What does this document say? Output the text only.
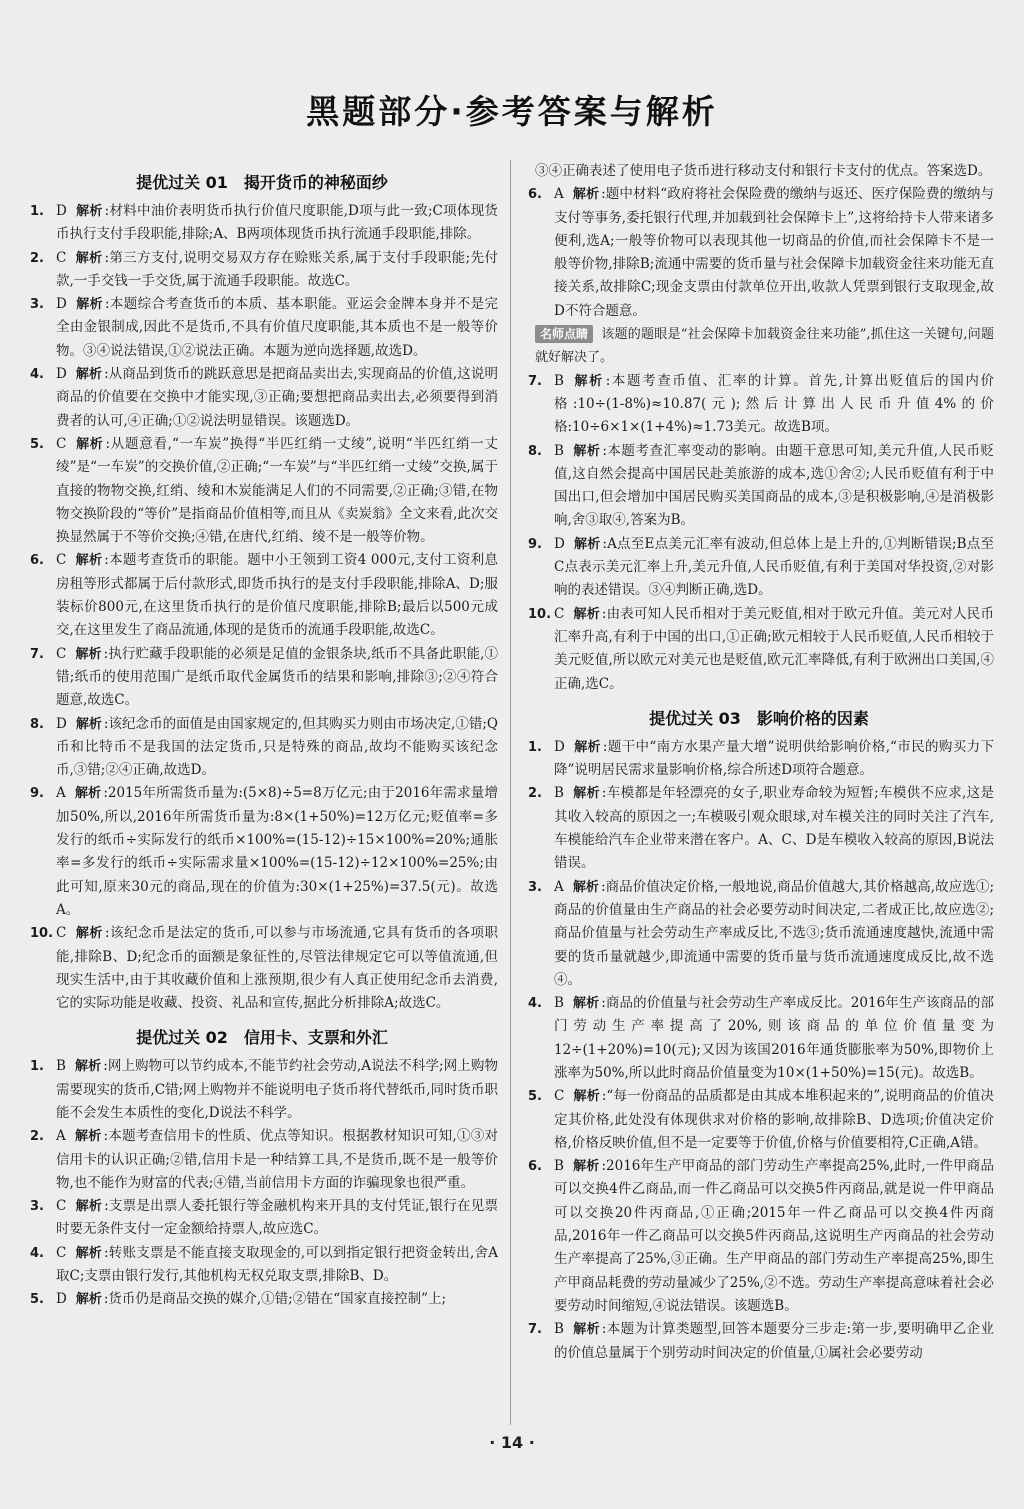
黑题部分·参考答案与解析
提优过关 01　揭开货币的神秘面纱

1. D 解析 :材料中油价表明货币执行价值尺度职能,D项与此一致;C项体现货币执行支付手段职能,排除;A、B两项体现货币执行流通手段职能,排除。

2. C 解析 :第三方支付,说明交易双方存在赊账关系,属于支付手段职能;先付款,一手交钱一手交货,属于流通手段职能。故选C。

3. D 解析 :本题综合考查货币的本质、基本职能。亚运会金牌本身并不是完全由金银制成,因此不是货币,不具有价值尺度职能,其本质也不是一般等价物。③④说法错误,①②说法正确。本题为逆向选择题,故选D。

4. D 解析 :从商品到货币的跳跃意思是把商品卖出去,实现商品的价值,这说明商品的价值要在交换中才能实现,③正确;要想把商品卖出去,必须要得到消费者的认可,④正确;①②说法明显错误。该题选D。

5. C 解析 :从题意看,“一车炭”换得“半匹红绡一丈绫”,说明“半匹红绡一丈绫”是“一车炭”的交换价值,②正确;“一车炭”与“半匹红绡一丈绫”交换,属于直接的物物交换,红绡、绫和木炭能满足人们的不同需要,②正确;③错,在物物交换阶段的“等价”是指商品价值相等,而且从《卖炭翁》全文来看,此次交换显然属于不等价交换;④错,在唐代,红绡、绫不是一般等价物。

6. C 解析 :本题考查货币的职能。题中小王领到工资4 000元,支付工资利息房租等形式都属于后付款形式,即货币执行的是支付手段职能,排除A、D;服装标价800元,在这里货币执行的是价值尺度职能,排除B;最后以500元成交,在这里发生了商品流通,体现的是货币的流通手段职能,故选C。

7. C 解析 :执行贮藏手段职能的必须是足值的金银条块,纸币不具备此职能,①错;纸币的使用范围广是纸币取代金属货币的结果和影响,排除③;②④符合题意,故选C。

8. D 解析 :该纪念币的面值是由国家规定的,但其购买力则由市场决定,①错;Q币和比特币不是我国的法定货币,只是特殊的商品,故均不能购买该纪念币,③错;②④正确,故选D。

9. A 解析 :2015年所需货币量为:(5×8)÷5=8万亿元;由于2016年需求量增加50%,所以,2016年所需货币量为:8×(1+50%)=12万亿元;贬值率=多发行的纸币÷实际发行的纸币×100%=(15-12)÷15×100%=20%;通胀率=多发行的纸币÷实际需求量×100%=(15-12)÷12×100%=25%;由此可知,原来30元的商品,现在的价值为:30×(1+25%)=37.5(元)。故选A。

10. C 解析 :该纪念币是法定的货币,可以参与市场流通,它具有货币的各项职能,排除B、D;纪念币的面额是象征性的,尽管法律规定它可以等值流通,但现实生活中,由于其收藏价值和上涨预期,很少有人真正使用纪念币去消费,它的实际功能是收藏、投资、礼品和宣传,据此分析排除A;故选C。

提优过关 02　信用卡、支票和外汇

1. B 解析 :网上购物可以节约成本,不能节约社会劳动,A说法不科学;网上购物需要现实的货币,C错;网上购物并不能说明电子货币将代替纸币,同时货币职能不会发生本质性的变化,D说法不科学。

2. A 解析 :本题考查信用卡的性质、优点等知识。根据教材知识可知,①③对信用卡的认识正确;②错,信用卡是一种结算工具,不是货币,既不是一般等价物,也不能作为财富的代表;④错,当前信用卡方面的诈骗现象也很严重。

3. C 解析 :支票是出票人委托银行等金融机构来开具的支付凭证,银行在见票时要无条件支付一定金额给持票人,故应选C。

4. C 解析 :转账支票是不能直接支取现金的,可以到指定银行把资金转出,舍A取C;支票由银行发行,其他机构无权兑取支票,排除B、D。

5. D 解析 :货币仍是商品交换的媒介,①错;②错在“国家直接控制”上;

③④正确表述了使用电子货币进行移动支付和银行卡支付的优点。答案选D。

6. A 解析 :题中材料“政府将社会保险费的缴纳与返还、医疗保险费的缴纳与支付等事务,委托银行代理,并加载到社会保障卡上”,这将给持卡人带来诸多便利,选A;一般等价物可以表现其他一切商品的价值,而社会保障卡不是一般等价物,排除B;流通中需要的货币量与社会保障卡加载资金往来功能无直接关系,故排除C;现金支票由付款单位开出,收款人凭票到银行支取现金,故D不符合题意。

名师点睛 该题的题眼是“社会保障卡加载资金往来功能”,抓住这一关键句,问题就好解决了。

7. B 解析 :本题考查币值、汇率的计算。首先,计算出贬值后的国内价格:10÷(1-8%)≈10.87(元);然后计算出人民币升值4%的价格:10÷6×1×(1+4%)≈1.73美元。故选B项。

8. B 解析 :本题考查汇率变动的影响。由题干意思可知,美元升值,人民币贬值,这自然会提高中国居民赴美旅游的成本,选①舍②;人民币贬值有利于中国出口,但会增加中国居民购买美国商品的成本,③是积极影响,④是消极影响,舍③取④,答案为B。

9. D 解析 :A点至E点美元汇率有波动,但总体上是上升的,①判断错误;B点至C点表示美元汇率上升,美元升值,人民币贬值,有利于美国对华投资,②对影响的表述错误。③④判断正确,选D。

10. C 解析 :由表可知人民币相对于美元贬值,相对于欧元升值。美元对人民币汇率升高,有利于中国的出口,①正确;欧元相较于人民币贬值,人民币相较于美元贬值,所以欧元对美元也是贬值,欧元汇率降低,有利于欧洲出口美国,④正确,选C。

提优过关 03　影响价格的因素

1. D 解析 :题干中“南方水果产量大增”说明供给影响价格,“市民的购买力下降”说明居民需求量影响价格,综合所述D项符合题意。

2. B 解析 :车模都是年轻漂亮的女子,职业寿命较为短暂;车模供不应求,这是其收入较高的原因之一;车模吸引观众眼球,对车模关注的同时关注了汽车,车模能给汽车企业带来潜在客户。A、C、D是车模收入较高的原因,B说法错误。

3. A 解析 :商品价值决定价格,一般地说,商品价值越大,其价格越高,故应选①;商品的价值量由生产商品的社会必要劳动时间决定,二者成正比,故应选②;商品价值量与社会劳动生产率成反比,不选③;货币流通速度越快,流通中需要的货币量就越少,即流通中需要的货币量与货币流通速度成反比,故不选④。

4. B 解析 :商品的价值量与社会劳动生产率成反比。2016年生产该商品的部门劳动生产率提高了20%,则该商品的单位价值量变为12÷(1+20%)=10(元);又因为该国2016年通货膨胀率为50%,即物价上涨率为50%,所以此时商品价值量变为10×(1+50%)=15(元)。故选B。

5. C 解析 :“每一份商品的品质都是由其成本堆积起来的”,说明商品的价值决定其价格,此处没有体现供求对价格的影响,故排除B、D选项;价值决定价格,价格反映价值,但不是一定要等于价值,价格与价值要相符,C正确,A错。

6. B 解析 :2016年生产甲商品的部门劳动生产率提高25%,此时,一件甲商品可以交换4件乙商品,而一件乙商品可以交换5件丙商品,就是说一件甲商品可以交换20件丙商品,①正确;2015年一件乙商品可以交换4件丙商品,2016年一件乙商品可以交换5件丙商品,这说明生产丙商品的社会劳动生产率提高了25%,③正确。生产甲商品的部门劳动生产率提高25%,即生产甲商品耗费的劳动量减少了25%,②不选。劳动生产率提高意味着社会必要劳动时间缩短,④说法错误。该题选B。

7. B 解析 :本题为计算类题型,回答本题要分三步走:第一步,要明确甲乙企业的价值总量属于个别劳动时间决定的价值量,①属社会必要劳动

· 14 ·
